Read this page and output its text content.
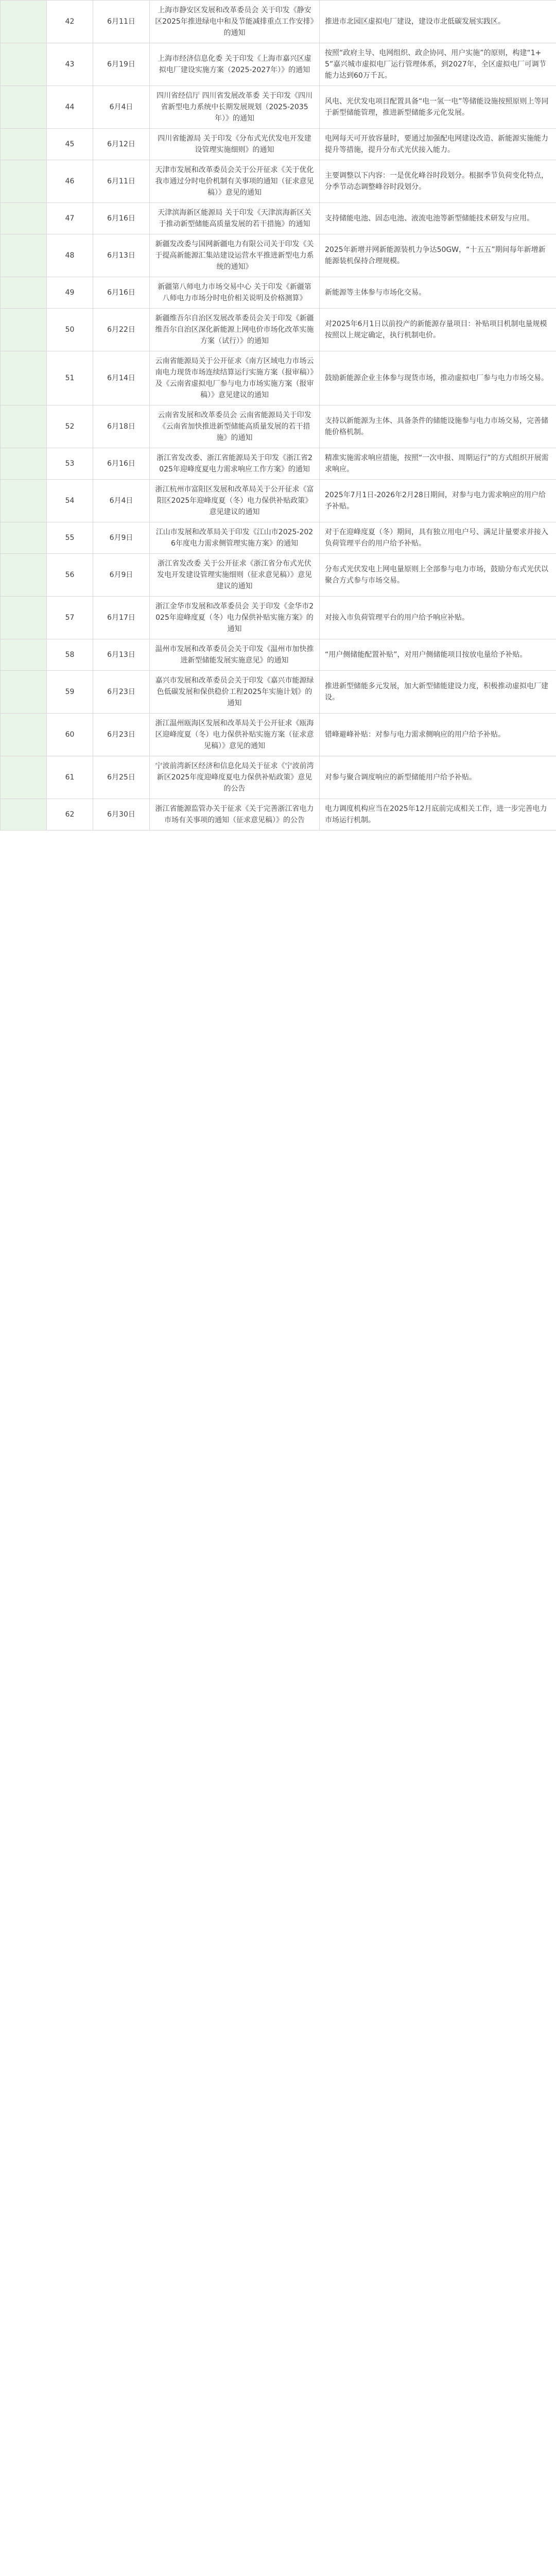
	42	6月11日	上海市静安区发展和改革委员会 关于印发《静安区2025年推进绿电中和及节能减排重点工作安排》的通知	推进市北园区虚拟电厂建设，建设市北低碳发展实践区。
	43	6月19日	上海市经济信息化委 关于印发《上海市嘉兴区虚拟电厂建设实施方案（2025-2027年）》的通知	按照“政府主导、电网组织、政企协同、用户实施”的原则，构建“1+5”嘉兴城市虚拟电厂运行管理体系，到2027年，全区虚拟电厂可调节能力达到60万千瓦。
	44	6月4日	四川省经信厅 四川省发展改革委 关于印发《四川省新型电力系统中长期发展规划（2025-2035年）》的通知	风电、光伏发电项目配置具备“电一氢一电”等储能设施按照原则上等同于新型储能管理，推进新型储能多元化发展。
	45	6月12日	四川省能源局 关于印发《分布式光伏发电开发建设管理实施细则》的通知	电网每天可开放容量时，要通过加强配电网建设改造、新能源实施能力提升等措施，提升分布式光伏接入能力。
	46	6月11日	天津市发展和改革委员会关于公开征求《关于优化我市通过分时电价机制有关事项的通知（征求意见稿）》意见的通知	主要调整以下内容：一是优化峰谷时段划分。根据季节负荷变化特点，分季节动态调整峰谷时段划分。
	47	6月16日	天津滨海新区能源局 关于印发《天津滨海新区关于推动新型储能高质量发展的若干措施》的通知	支持储能电池、固态电池、液流电池等新型储能技术研发与应用。
	48	6月13日	新疆发改委与国网新疆电力有限公司关于印发《关于提高新能源汇集站建设运营水平推进新型电力系统的通知》	2025年新增并网新能源装机力争达50GW，“十五五”期间每年新增新能源装机保持合理规模。
	49	6月16日	新疆第八师电力市场交易中心 关于印发《新疆第八师电力市场分时电价相关说明及价格测算》	新能源等主体参与市场化交易。
	50	6月22日	新疆维吾尔自治区发展改革委员会关于印发《新疆维吾尔自治区深化新能源上网电价市场化改革实施方案（试行）》的通知	对2025年6月1日以前投产的新能源存量项目：补贴项目机制电量规模按照以上规定确定，执行机制电价。
	51	6月14日	云南省能源局关于公开征求《南方区域电力市场云南电力现货市场连续结算运行实施方案（报审稿）》及《云南省虚拟电厂参与电力市场实施方案（报审稿）》意见建议的通知	鼓励新能源企业主体参与现货市场，推动虚拟电厂参与电力市场交易。
	52	6月18日	云南省发展和改革委员会 云南省能源局关于印发《云南省加快推进新型储能高质量发展的若干措施》的通知	支持以新能源为主体、具备条件的储能设施参与电力市场交易，完善储能价格机制。
	53	6月16日	浙江省发改委、浙江省能源局关于印发《浙江省2025年迎峰度夏电力需求响应工作方案》的通知	精准实施需求响应措施，按照“一次申报、周期运行”的方式组织开展需求响应。
	54	6月4日	浙江杭州市富阳区发展和改革局关于公开征求《富阳区2025年迎峰度夏（冬）电力保供补贴政策》意见建议的通知	2025年7月1日-2026年2月28日期间，对参与电力需求响应的用户给予补贴。
	55	6月9日	江山市发展和改革局关于印发《江山市2025-2026年度电力需求侧管理实施方案》的通知	对于在迎峰度夏（冬）期间，具有独立用电户号、满足计量要求并接入负荷管理平台的用户给予补贴。
	56	6月9日	浙江省发改委 关于公开征求《浙江省分布式光伏发电开发建设管理实施细则（征求意见稿）》意见建议的通知	分布式光伏发电上网电量原则上全部参与电力市场，鼓励分布式光伏以聚合方式参与市场交易。
	57	6月17日	浙江金华市发展和改革委员会 关于印发《金华市2025年迎峰度夏（冬）电力保供补贴实施方案》的通知	对接入市负荷管理平台的用户给予响应补贴。
	58	6月13日	温州市发展和改革委员会关于印发《温州市加快推进新型储能发展实施意见》的通知	“用户侧储能配置补贴”，对用户侧储能项目按放电量给予补贴。
	59	6月23日	嘉兴市发展和改革委员会关于印发《嘉兴市能源绿色低碳发展和保供稳价工程2025年实施计划》的通知	推进新型储能多元发展，加大新型储能建设力度，积极推动虚拟电厂建设。
	60	6月23日	浙江温州瓯海区发展和改革局关于公开征求《瓯海区迎峰度夏（冬）电力保供补贴实施方案（征求意见稿）》意见的通知	错峰避峰补贴：对参与电力需求侧响应的用户给予补贴。
	61	6月25日	宁波前湾新区经济和信息化局关于征求《宁波前湾新区2025年度迎峰度夏电力保供补贴政策》意见的公告	对参与聚合调度响应的新型储能用户给予补贴。
	62	6月30日	浙江省能源监管办关于征求《关于完善浙江省电力市场有关事项的通知（征求意见稿）》的公告	电力调度机构应当在2025年12月底前完成相关工作，进一步完善电力市场运行机制。
